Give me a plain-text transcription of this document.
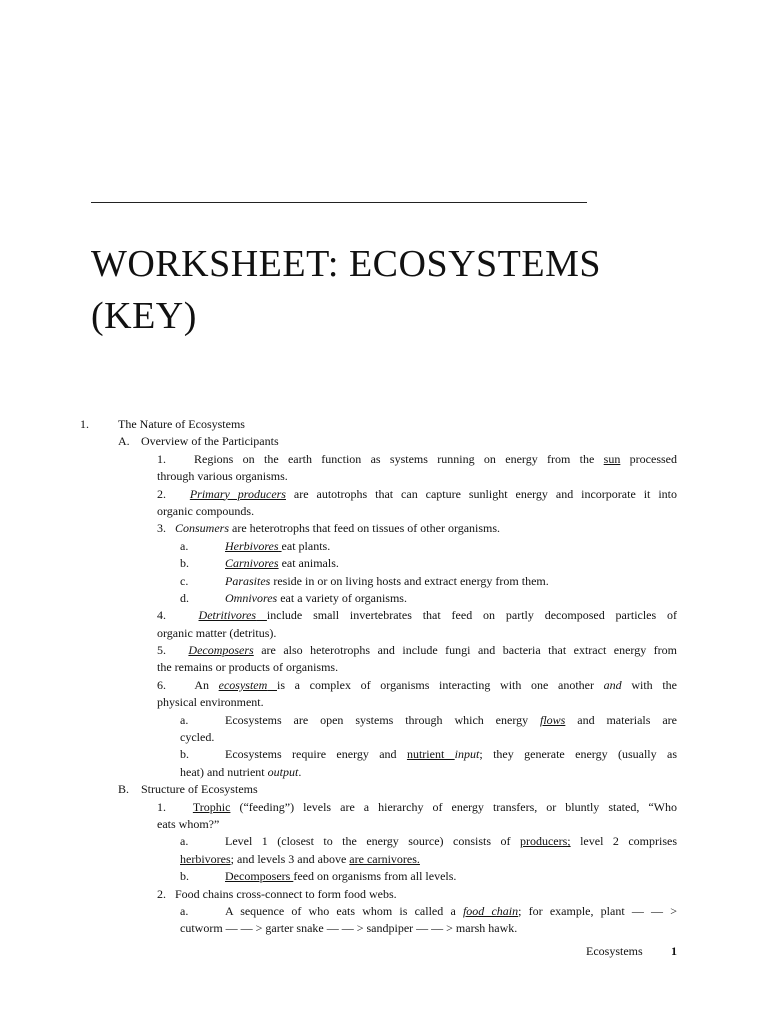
WORKSHEET: ECOSYSTEMS
(KEY)
1. The Nature of Ecosystems
A. Overview of the Participants
1.   Regions on the earth function as systems running on energy from the sun processed
through various organisms.
2.   Primary producers are autotrophs that can capture sunlight energy and incorporate it into
organic compounds.
3.   Consumers are heterotrophs that feed on tissues of other organisms.
a.	Herbivores eat plants.
b.	Carnivores eat animals.
c.	Parasites reside in or on living hosts and extract energy from them.
d.	Omnivores eat a variety of organisms.
4.   Detritivores include small invertebrates that feed on partly decomposed particles of
organic matter (detritus).
5.   Decomposers are also heterotrophs and include fungi and bacteria that extract energy from
the remains or products of organisms.
6.   An ecosystem is a complex of organisms interacting with one another and with the
physical environment.
a.	Ecosystems are open systems through which energy flows and materials are
cycled.
b.	Ecosystems require energy and nutrient input; they generate energy (usually as
heat) and nutrient output.
B. Structure of Ecosystems
1.   Trophic (“feeding”) levels are a hierarchy of energy transfers, or bluntly stated, “Who
eats whom?”
a.	Level 1 (closest to the energy source) consists of producers; level 2 comprises
herbivores; and levels 3 and above are carnivores.
b.	Decomposers feed on organisms from all levels.
2.   Food chains cross-connect to form food webs.
a.	A sequence of who eats whom is called a food chain; for example, plant — — >
cutworm — — > garter snake — — > sandpiper — — > marsh hawk.
Ecosystems 1
